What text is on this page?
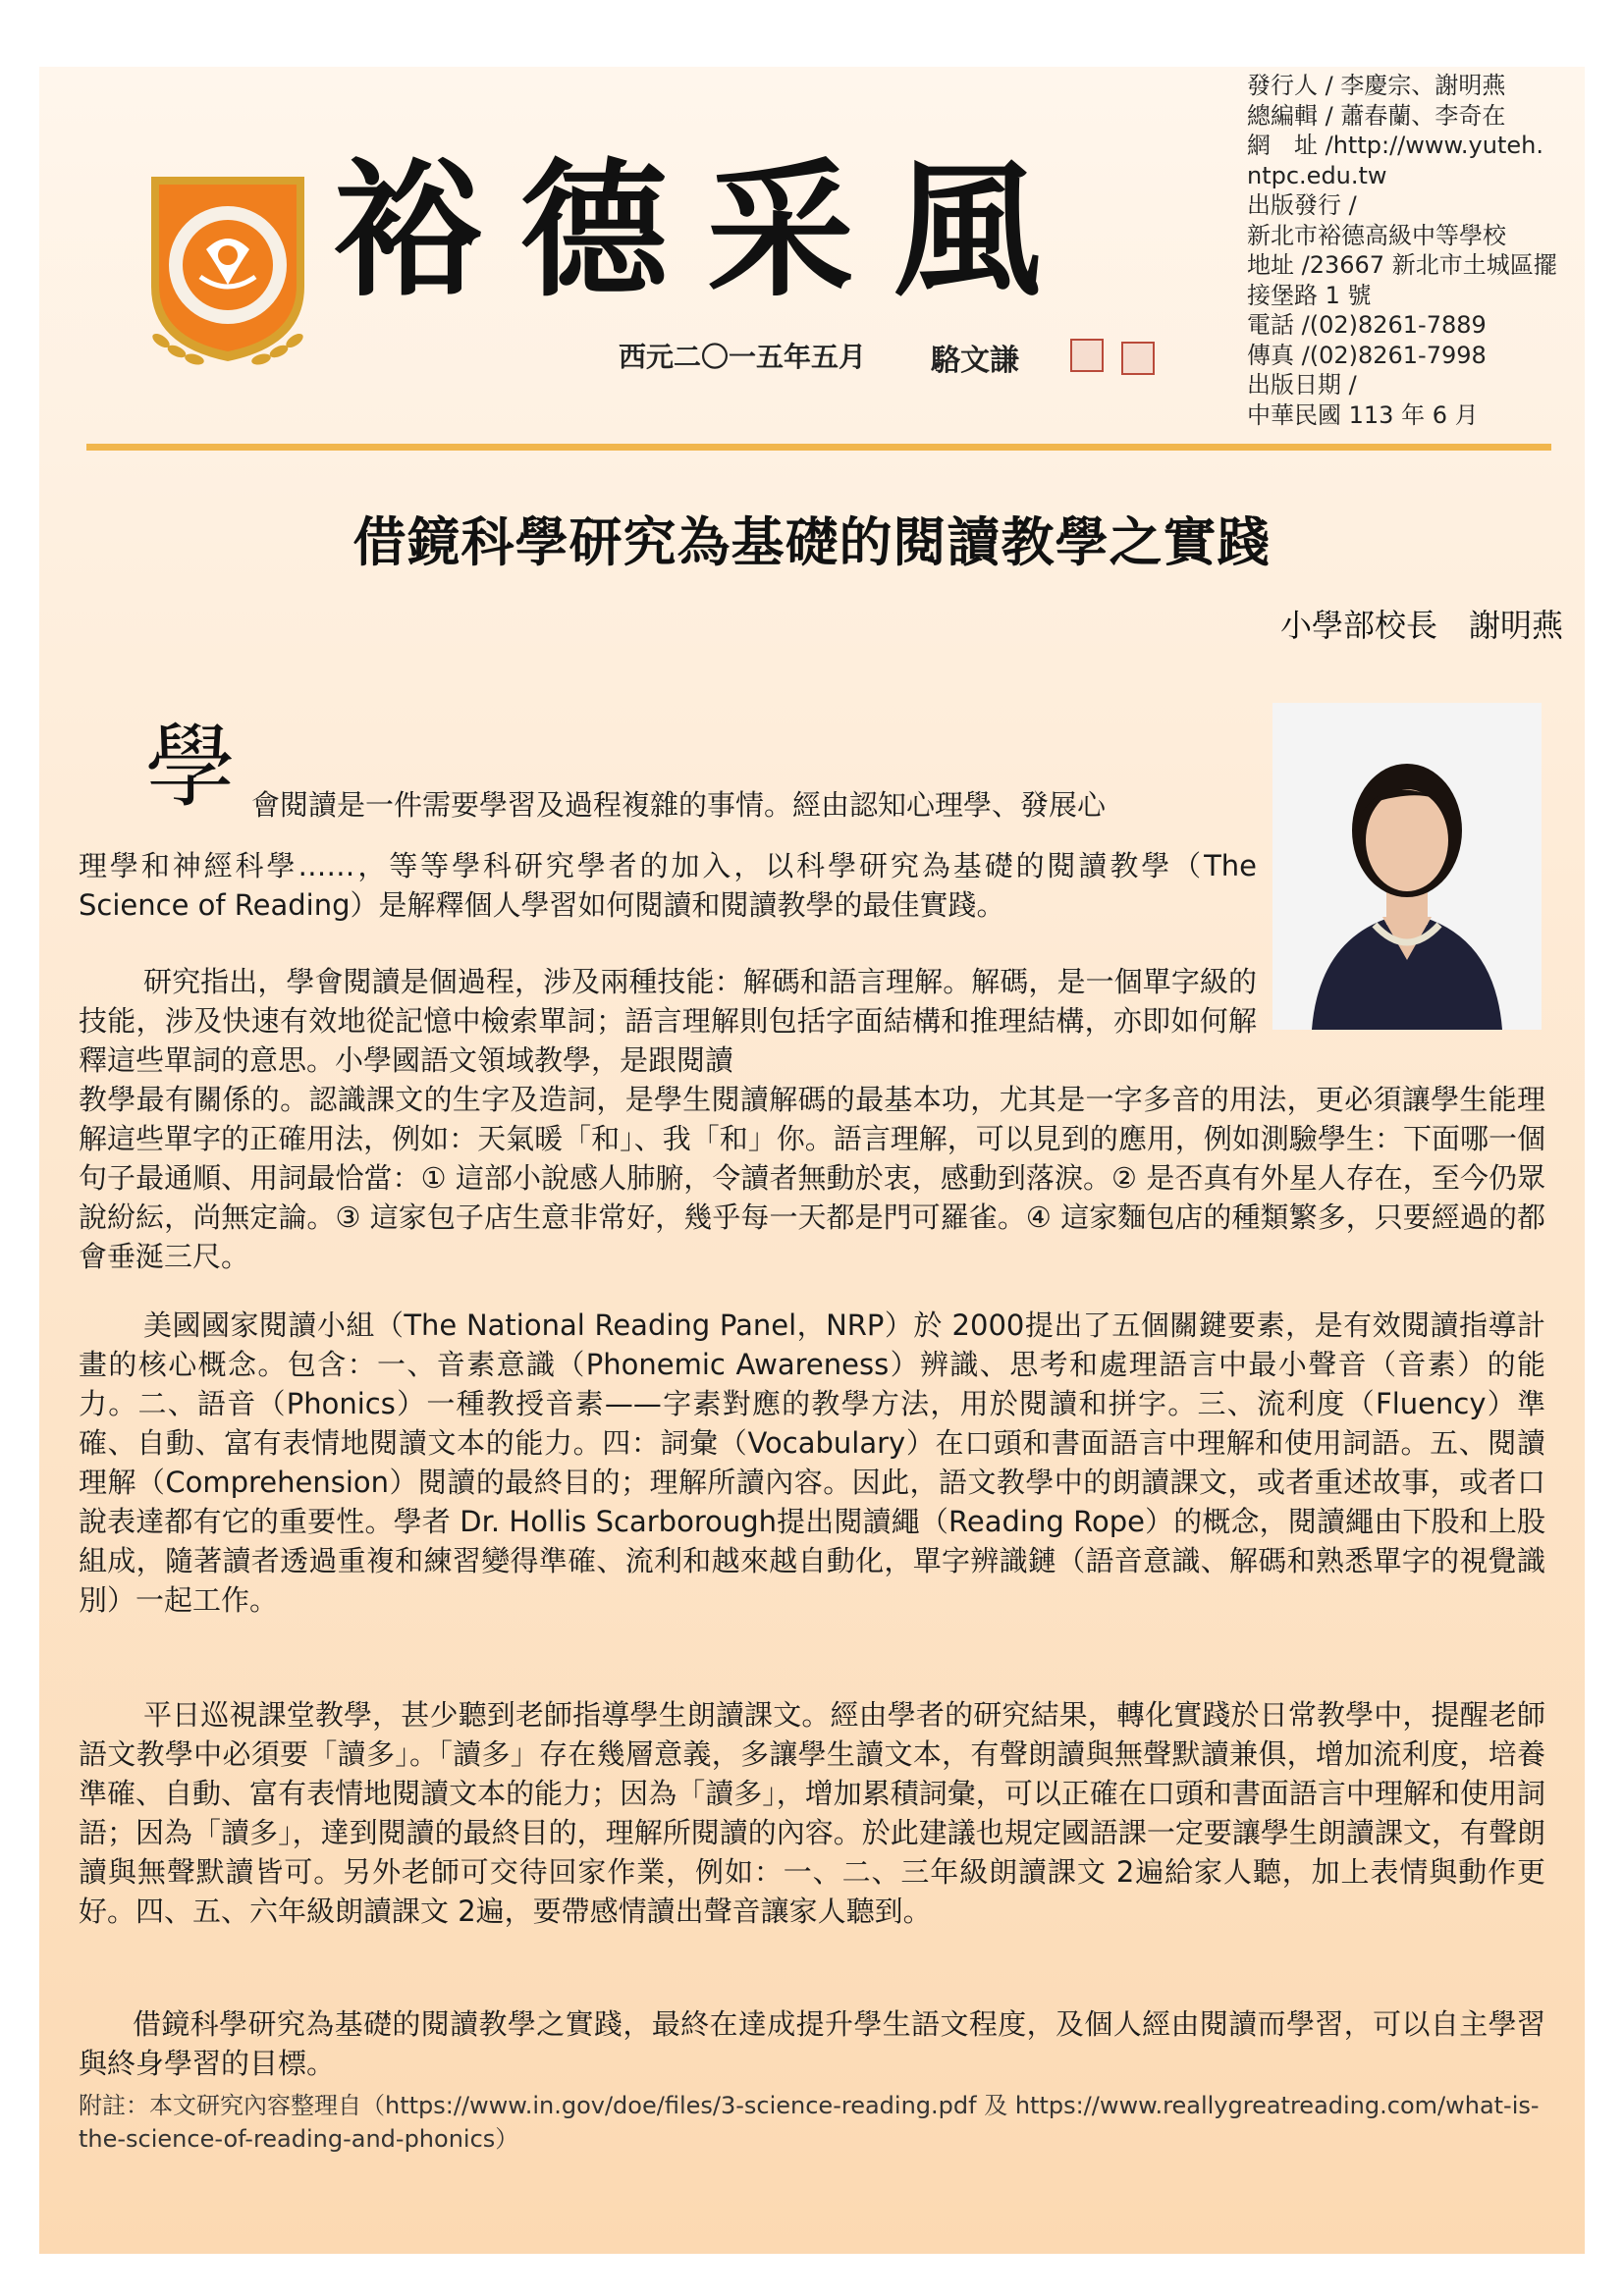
裕德采風
西元二〇一五年五月 駱文謙
發行人 / 李慶宗、謝明燕
總編輯 / 蕭春蘭、李奇在
網　址 /http://www.yuteh.
ntpc.edu.tw
出版發行 /
新北市裕德高級中等學校
地址 /23667 新北市土城區擺
接堡路 1 號
電話 /(02)8261-7889
傳真 /(02)8261-7998
出版日期 /
中華民國 113 年 6 月
借鏡科學研究為基礎的閱讀教學之實踐
小學部校長　謝明燕
學 會閱讀是一件需要學習及過程複雜的事情。經由認知心理學、發展心
理學和神經科學……，等等學科研究學者的加入，以科學研究為基礎的閱讀教學（The Science of Reading）是解釋個人學習如何閱讀和閱讀教學的最佳實踐。
研究指出，學會閱讀是個過程，涉及兩種技能：解碼和語言理解。解碼，是一個單字級的技能，涉及快速有效地從記憶中檢索單詞；語言理解則包括字面結構和推理結構，亦即如何解釋這些單詞的意思。小學國語文領域教學，是跟閱讀
教學最有關係的。認識課文的生字及造詞，是學生閱讀解碼的最基本功，尤其是一字多音的用法，更必須讓學生能理解這些單字的正確用法，例如：天氣暖「和」、我「和」你。語言理解，可以見到的應用，例如測驗學生：下面哪一個句子最通順、用詞最恰當：① 這部小說感人肺腑，令讀者無動於衷，感動到落淚。② 是否真有外星人存在，至今仍眾說紛紜，尚無定論。③ 這家包子店生意非常好，幾乎每一天都是門可羅雀。④ 這家麵包店的種類繁多，只要經過的都會垂涎三尺。
美國國家閱讀小組（The National Reading Panel，NRP）於 2000提出了五個關鍵要素，是有效閱讀指導計畫的核心概念。包含：一、音素意識（Phonemic Awareness）辨識、思考和處理語言中最小聲音（音素）的能力。二、語音（Phonics）一種教授音素——字素對應的教學方法，用於閱讀和拼字。三、流利度（Fluency）準確、自動、富有表情地閱讀文本的能力。四：詞彙（Vocabulary）在口頭和書面語言中理解和使用詞語。五、閱讀理解（Comprehension）閱讀的最終目的；理解所讀內容。因此，語文教學中的朗讀課文，或者重述故事，或者口說表達都有它的重要性。學者 Dr. Hollis Scarborough提出閱讀繩（Reading Rope）的概念，閱讀繩由下股和上股組成，隨著讀者透過重複和練習變得準確、流利和越來越自動化，單字辨識鏈（語音意識、解碼和熟悉單字的視覺識別）一起工作。
平日巡視課堂教學，甚少聽到老師指導學生朗讀課文。經由學者的研究結果，轉化實踐於日常教學中，提醒老師語文教學中必須要「讀多」。「讀多」存在幾層意義，多讓學生讀文本，有聲朗讀與無聲默讀兼俱，增加流利度，培養準確、自動、富有表情地閱讀文本的能力；因為「讀多」，增加累積詞彙，可以正確在口頭和書面語言中理解和使用詞語；因為「讀多」，達到閱讀的最終目的，理解所閱讀的內容。於此建議也規定國語課一定要讓學生朗讀課文，有聲朗讀與無聲默讀皆可。另外老師可交待回家作業，例如：一、二、三年級朗讀課文 2遍給家人聽，加上表情與動作更好。四、五、六年級朗讀課文 2遍，要帶感情讀出聲音讓家人聽到。
借鏡科學研究為基礎的閱讀教學之實踐，最終在達成提升學生語文程度，及個人經由閱讀而學習，可以自主學習與終身學習的目標。
附註：本文研究內容整理自（https://www.in.gov/doe/files/3-science-reading.pdf 及 https://www.reallygreatreading.com/what-is-the-science-of-reading-and-phonics）
